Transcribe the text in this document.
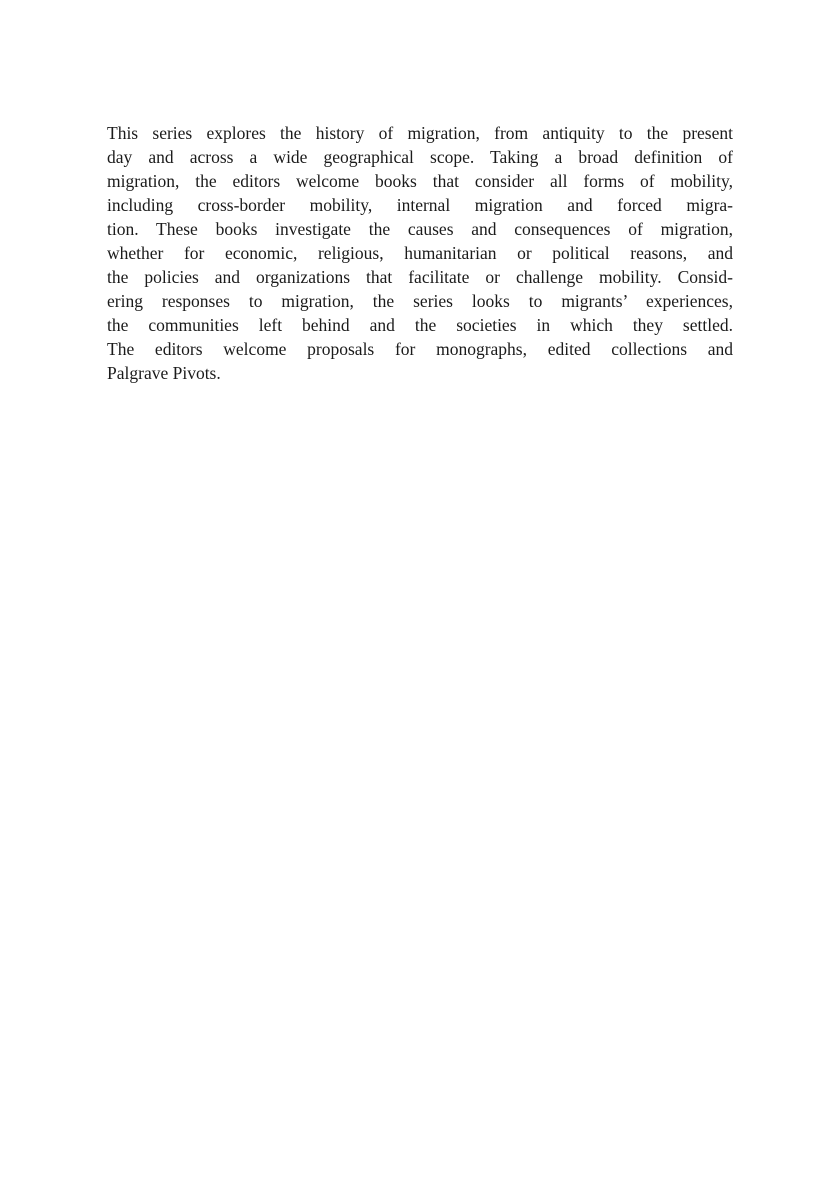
This series explores the history of migration, from antiquity to the present
day and across a wide geographical scope. Taking a broad definition of
migration, the editors welcome books that consider all forms of mobility,
including cross-border mobility, internal migration and forced migra-
tion. These books investigate the causes and consequences of migration,
whether for economic, religious, humanitarian or political reasons, and
the policies and organizations that facilitate or challenge mobility. Consid-
ering responses to migration, the series looks to migrants’ experiences,
the communities left behind and the societies in which they settled.
The editors welcome proposals for monographs, edited collections and
Palgrave Pivots.
